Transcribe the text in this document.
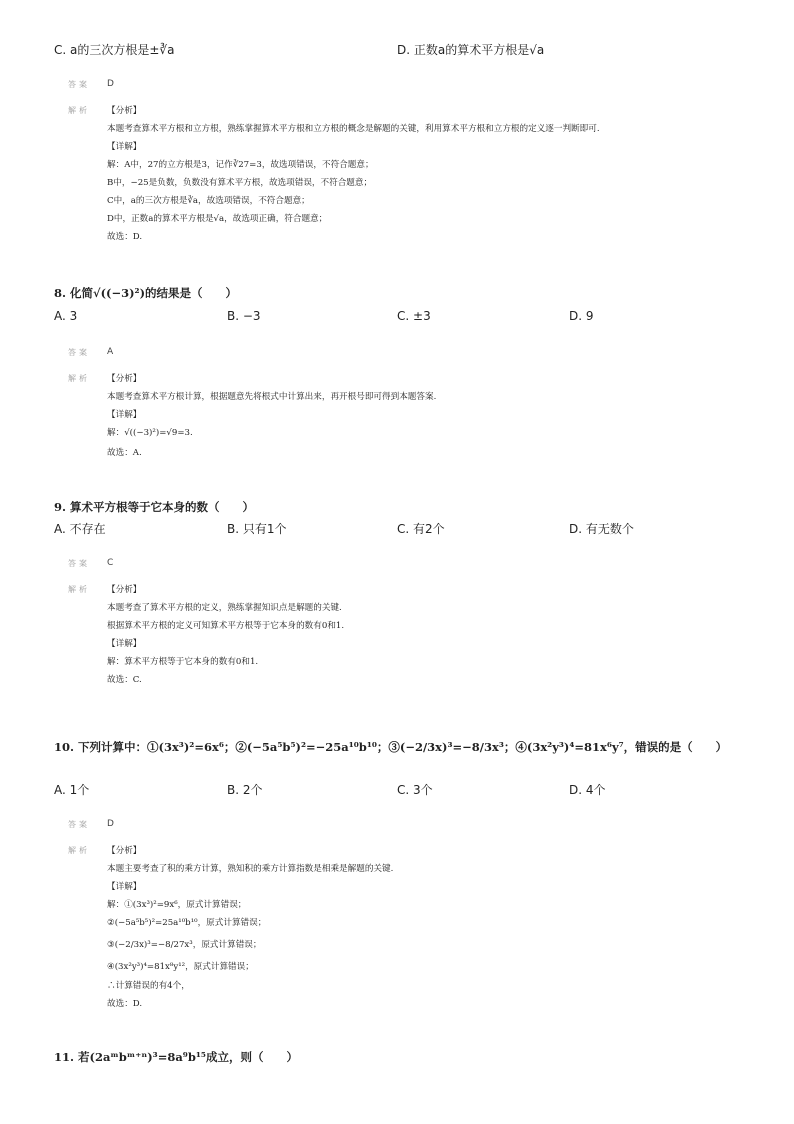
C. a的三次方根是±∛a	D. 正数a的算术平方根是√a
答案 D
解析 【分析】
本题考查算术平方根和立方根，熟练掌握算术平方根和立方根的概念是解题的关键，利用算术平方根和立方根的定义逐一判断即可.
【详解】
解：A中，27的立方根是3，记作∛27=3，故选项错误，不符合题意；
B中，−25是负数，负数没有算术平方根，故选项错误，不符合题意；
C中，a的三次方根是∛a，故选项错误，不符合题意；
D中，正数a的算术平方根是√a，故选项正确，符合题意；
故选：D.
8. 化简√((−3)²)的结果是（　　）
A. 3	B. −3	C. ±3	D. 9
答案 A
解析 【分析】
本题考查算术平方根计算，根据题意先将根式中计算出来，再开根号即可得到本题答案.
【详解】
解：√((−3)²)=√9=3.
故选：A.
9. 算术平方根等于它本身的数（　　）
A. 不存在	B. 只有1个	C. 有2个	D. 有无数个
答案 C
解析 【分析】
本题考查了算术平方根的定义，熟练掌握知识点是解题的关键.
根据算术平方根的定义可知算术平方根等于它本身的数有0和1.
【详解】
解：算术平方根等于它本身的数有0和1.
故选：C.
10. 下列计算中：①(3x³)²=6x⁶；②(−5a⁵b⁵)²=−25a¹⁰b¹⁰；③(−2/3x)³=−8/3x³；④(3x²y³)⁴=81x⁶y⁷，错误的是（　　）
A. 1个	B. 2个	C. 3个	D. 4个
答案 D
解析 【分析】
本题主要考查了积的乘方计算，熟知积的乘方计算指数是相乘是解题的关键.
【详解】
解：①(3x³)²=9x⁶，原式计算错误；
②(−5a⁵b⁵)²=25a¹⁰b¹⁰，原式计算错误；
③(−2/3x)³=−8/27x³，原式计算错误；
④(3x²y³)⁴=81x⁸y¹²，原式计算错误；
∴计算错误的有4个，
故选：D.
11. 若(2aᵐbᵐ⁺ⁿ)³=8a⁹b¹⁵成立，则（　　）
